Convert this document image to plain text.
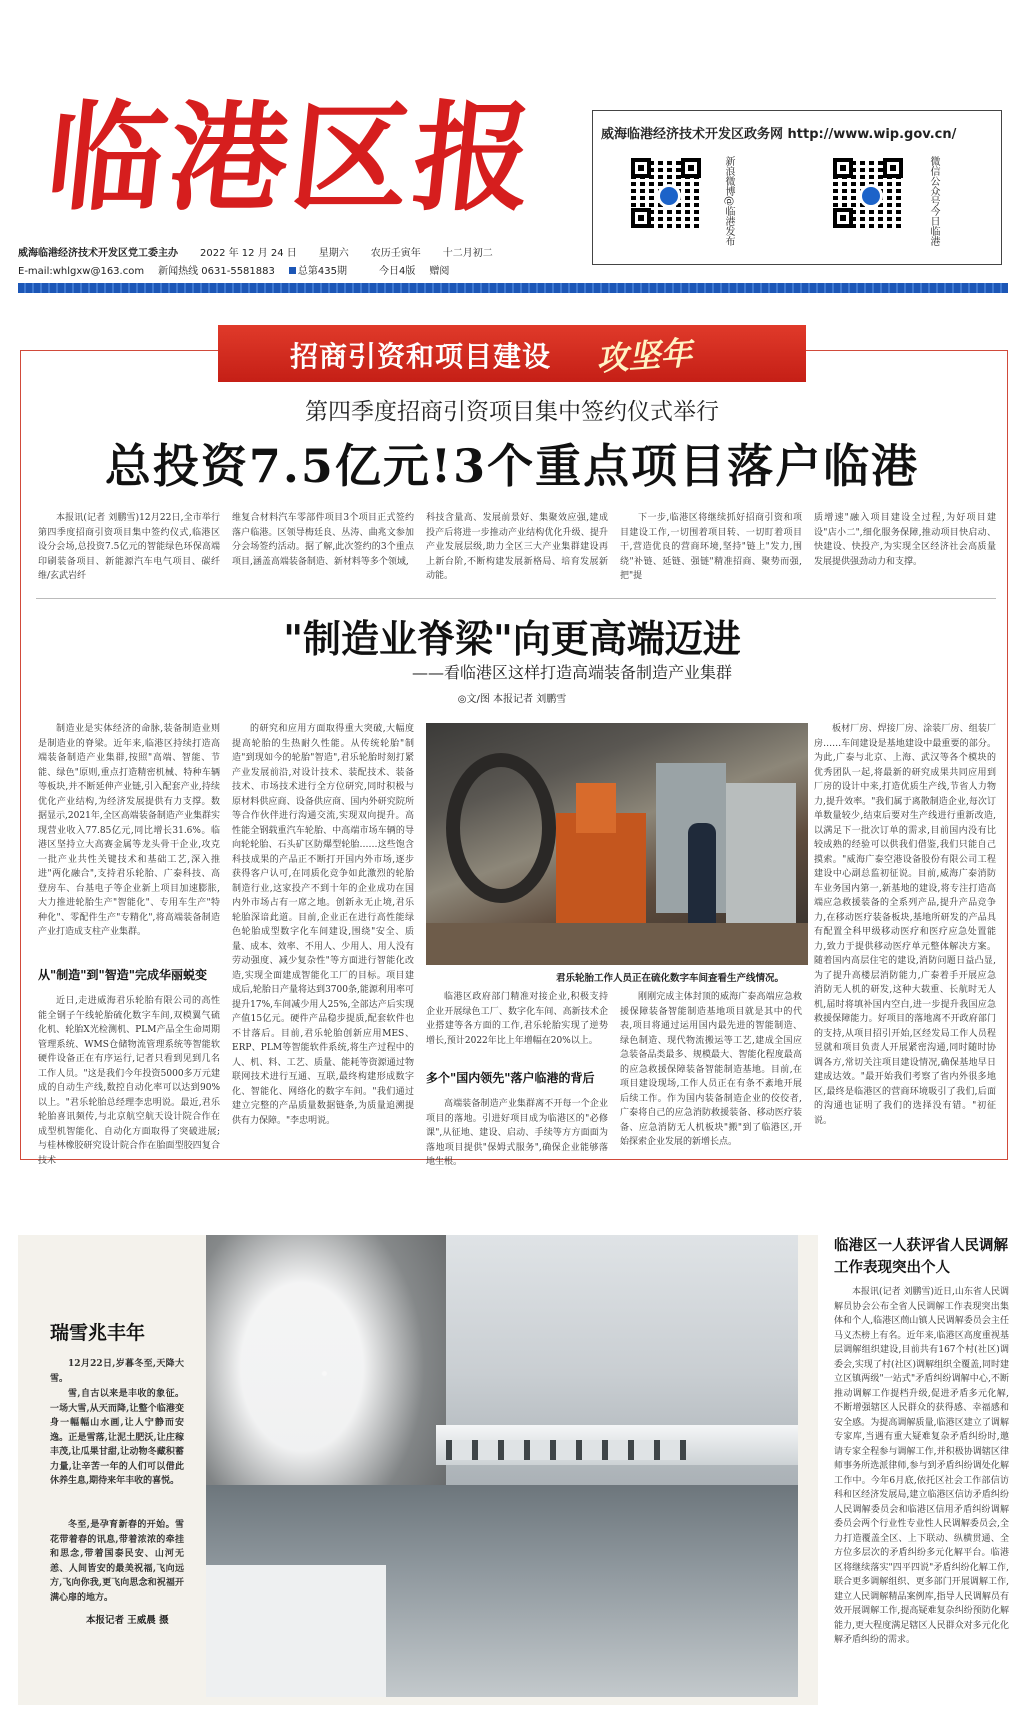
临港区报
威海临港经济技术开发区党工委主办 2022 年 12 月 24 日 星期六 农历壬寅年 十二月初二
E-mail:whlgxw@163.com 新闻热线 0631-5581883	总第435期	今日4版 赠阅
威海临港经济技术开发区政务网 http://www.wip.gov.cn/
新浪微博@临港发布	微信公众号今日临港
招商引资和项目建设 攻坚年
第四季度招商引资项目集中签约仪式举行
总投资7.5亿元!3个重点项目落户临港
本报讯(记者 刘鹏雪)12月22日,全市举行第四季度招商引资项目集中签约仪式,临港区设分会场,总投资7.5亿元的智能绿色环保高端印刷装备项目、新能源汽车电气项目、碳纤维/玄武岩纤
维复合材料汽车零部件项目3个项目正式签约落户临港。区领导梅廷良、丛涛、曲兆文参加分会场签约活动。据了解,此次签约的3个重点项目,涵盖高端装备制造、新材料等多个领域,
科技含量高、发展前景好、集聚效应强,建成投产后将进一步推动产业结构优化升级、提升产业发展层级,助力全区三大产业集群建设再上新台阶,不断构建发展新格局、培育发展新动能。
下一步,临港区将继续抓好招商引资和项目建设工作,一切围着项目转、一切盯着项目干,营造优良的营商环境,坚持"链上"发力,围绕"补链、延链、强链"精准招商、聚势而强,把"提
质增速"融入项目建设全过程,为好项目建设"店小二",细化服务保障,推动项目快启动、快建设、快投产,为实现全区经济社会高质量发展提供强劲动力和支撑。
"制造业脊梁"向更高端迈进
——看临港区这样打造高端装备制造产业集群
◎文/图 本报记者 刘鹏雪
制造业是实体经济的命脉,装备制造业则是制造业的脊梁。近年来,临港区持续打造高端装备制造产业集群,按照"高端、智能、节能、绿色"原则,重点打造精密机械、特种车辆等板块,并不断延伸产业链,引入配套产业,持续优化产业结构,为经济发展提供有力支撑。数据显示,2021年,全区高端装备制造产业集群实现营业收入77.85亿元,同比增长31.6%。临港区坚持立大高赛金属等龙头骨干企业,攻克一批产业共性关键技术和基础工艺,深入推进"两化融合",支持君乐轮胎、广泰科技、高登房车、台基电子等企业新上项目加速膨胀,大力推进轮胎生产"智能化"、专用车生产"特种化"、零配件生产"专精化",将高端装备制造产业打造成支柱产业集群。
从"制造"到"智造"完成华丽蜕变
近日,走进威海君乐轮胎有限公司的高性能全钢子午线轮胎硫化数字车间,双模翼气硫化机、轮胎X光检测机、PLM产品全生命周期管理系统、WMS仓储物流管理系统等智能软硬件设备正在有序运行,记者只看到见到几名工作人员。"这是我们今年投资5000多万元建成的自动生产线,数控自动化率可以达到90%以上。"君乐轮胎总经理李忠明说。最近,君乐轮胎喜讯频传,与北京航空航天设计院合作在成型机智能化、自动化方面取得了突破进展;与桂林橡胶研究设计院合作在胎面型胶四复合技术
的研究和应用方面取得重大突破,大幅度提高轮胎的生热耐久性能。从传统轮胎"制造"到现如今的轮胎"智造",君乐轮胎时刻打紧产业发展前沿,对设计技术、装配技术、装备技术、市场技术进行全方位研究,同时积极与原材料供应商、设备供应商、国内外研究院所等合作伙伴进行沟通交流,实现双向提升。高性能全钢载重汽车轮胎、中高端市场车辆的导向轮轮胎、石头矿区防爆型轮胎……这些饱含科技成果的产品正不断打开国内外市场,逐步获得客户认可,在同质化竞争如此激烈的轮胎制造行业,这家投产不到十年的企业成功在国内外市场占有一席之地。创新永无止境,君乐轮胎深谙此道。目前,企业正在进行高性能绿色轮胎成型数字化车间建设,围绕"安全、质量、成本、效率、不用人、少用人、用人没有劳动强度、减少复杂性"等方面进行智能化改造,实现全面建成智能化工厂的目标。项目建成后,轮胎日产量将达到3700条,能源利用率可提升17%,车间减少用人25%,全部达产后实现产值15亿元。硬件产品稳步提质,配套软件也不甘落后。目前,君乐轮胎创新应用MES、ERP、PLM等智能软件系统,将生产过程中的人、机、料、工艺、质量、能耗等资源通过物联网技术进行互通、互联,最终构建形成数字化、智能化、网络化的数字车间。"我们通过建立完整的产品质量数据链条,为质量追溯提供有力保障。"李忠明说。
君乐轮胎工作人员正在硫化数字车间查看生产线情况。
临港区政府部门精准对接企业,积极支持企业开展绿色工厂、数字化车间、高新技术企业搭建等各方面的工作,君乐轮胎实现了逆势增长,预计2022年比上年增幅在20%以上。
多个"国内领先"落户临港的背后
高端装备制造产业集群离不开每一个企业项目的落地。引进好项目成为临港区的"必修课",从征地、建设、启动、手续等方方面面为落地项目提供"保姆式服务",确保企业能够落地生根。
刚刚完成主体封顶的威海广泰高端应急救援保障装备智能制造基地项目就是其中的代表,项目将通过运用国内最先进的智能制造、绿色制造、现代物流搬运等工艺,建成全国应急装备品类最多、规模最大、智能化程度最高的应急救援保障装备智能制造基地。目前,在项目建设现场,工作人员正在有条不紊地开展后续工作。作为国内装备制造企业的佼佼者,广泰将自己的应急消防救援装备、移动医疗装备、应急消防无人机板块"搬"到了临港区,开始探索企业发展的新增长点。
板材厂房、焊接厂房、涂装厂房、组装厂房……车间建设是基地建设中最重要的部分。为此,广泰与北京、上海、武汉等各个模块的优秀团队一起,将最新的研究成果共同应用到厂房的设计中来,打造优质生产线,节省人力物力,提升效率。"我们属于离散制造企业,每次订单数量较少,结束后要对生产线进行重新改造,以满足下一批次订单的需求,目前国内没有比较成熟的经验可以供我们借鉴,我们只能自己摸索。"威海广泰空港设备股份有限公司工程建设中心副总监初征说。目前,威海广泰消防车业务国内第一,新基地的建设,将专注打造高端应急救援装备的全系列产品,提升产品竞争力,在移动医疗装备板块,基地所研发的产品具有配置全科甲级移动医疗和医疗应急处置能力,致力于提供移动医疗单元整体解决方案。随着国内高层住宅的建设,消防问题日益凸显,为了提升高楼层消防能力,广泰着手开展应急消防无人机的研发,这种大载重、长航时无人机,届时将填补国内空白,进一步提升我国应急救援保障能力。好项目的落地离不开政府部门的支持,从项目招引开始,区经发局工作人员程昱就和项目负责人开展紧密沟通,同时随时协调各方,常切关注项目建设情况,确保基地早日建成达效。"最开始我们考察了省内外很多地区,最终是临港区的营商环境吸引了我们,后面的沟通也证明了我们的选择没有错。"初征说。
瑞雪兆丰年
12月22日,岁暮冬至,天降大雪。
雪,自古以来是丰收的象征。一场大雪,从天而降,让整个临港变身一幅幅山水画,让人宁静而安逸。正是雪落,让泥土肥沃,让庄稼丰茂,让瓜果甘甜,让动物冬藏积蓄力量,让辛苦一年的人们可以借此休养生息,期待来年丰收的喜悦。
冬至,是孕育新春的开始。雪花带着春的讯息,带着浓浓的牵挂和思念,带着国泰民安、山河无恙、人间皆安的最美祝福,飞向远方,飞向你我,更飞向思念和祝福开满心扉的地方。
本报记者 王威晨 摄
临港区一人获评省人民调解工作表现突出个人
本报讯(记者 刘鹏雪)近日,山东省人民调解员协会公布全省人民调解工作表现突出集体和个人,临港区蔄山镇人民调解委员会主任马义杰榜上有名。近年来,临港区高度重视基层调解组织建设,目前共有167个村(社区)调委会,实现了村(社区)调解组织全覆盖,同时建立区镇两级"一站式"矛盾纠纷调解中心,不断推动调解工作提档升级,促进矛盾多元化解,不断增强辖区人民群众的获得感、幸福感和安全感。为提高调解质量,临港区建立了调解专家库,当遇有重大疑难复杂矛盾纠纷时,邀请专家全程参与调解工作,并积极协调辖区律师事务所选派律师,参与到矛盾纠纷调处化解工作中。今年6月底,依托区社会工作部信访科和区经济发展局,建立临港区信访矛盾纠纷人民调解委员会和临港区信用矛盾纠纷调解委员会两个行业性专业性人民调解委员会,全力打造覆盖全区、上下联动、纵横贯通、全方位多层次的矛盾纠纷多元化解平台。临港区将继续落实"四平四说"矛盾纠纷化解工作,联合更多调解组织、更多部门开展调解工作,建立人民调解精品案例库,指导人民调解员有效开展调解工作,提高疑难复杂纠纷预防化解能力,更大程度满足辖区人民群众对多元化化解矛盾纠纷的需求。
